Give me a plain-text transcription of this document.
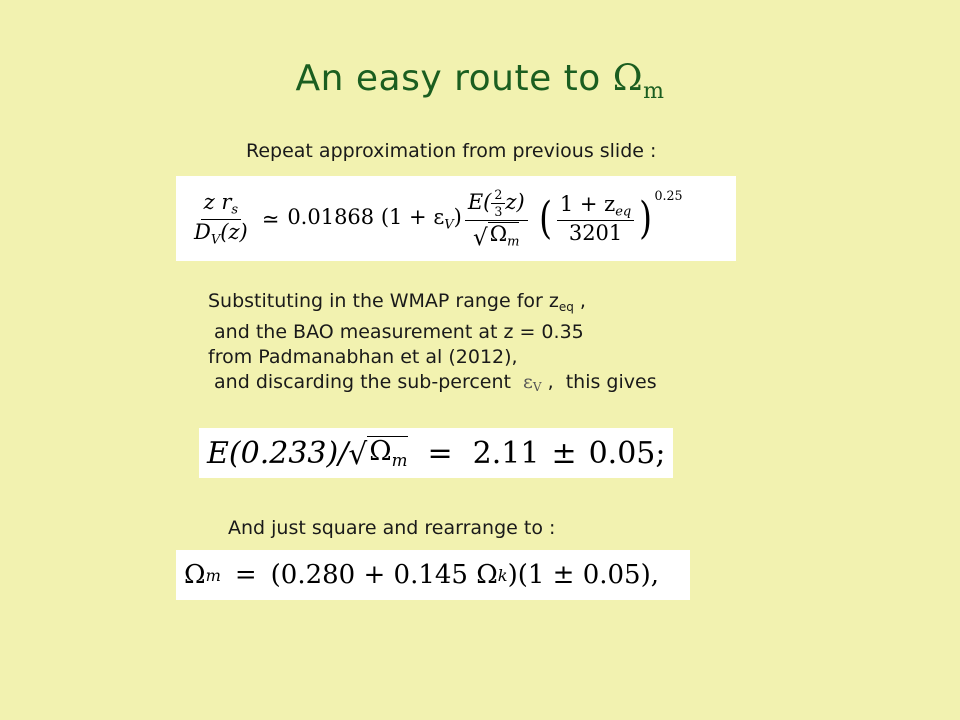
An easy route to $\Omega_m$
Repeat approximation from previous slide :
$\frac{z r_s}{D_V(z)}$ ≃ 0.01868 $(1 + \varepsilon_V) \frac{E( \frac{2}{3} z)}{√ \Omega_m}$ ( $\frac{1 + z_{eq}}{3201}$ ) 0.25
Substituting in the WMAP range for $z_{eq}$ ,
and the BAO measurement at z = 0.35
from Padmanabhan et al (2012),
and discarding the sub-percent  εV ,  this gives
E(0.233)/ √ $\Omega_m = 2.11 \pm 0.05$ ;
And just square and rearrange to :
Ω m = (0.280 + 0.145 Ω k )(1 ± 0.05),
